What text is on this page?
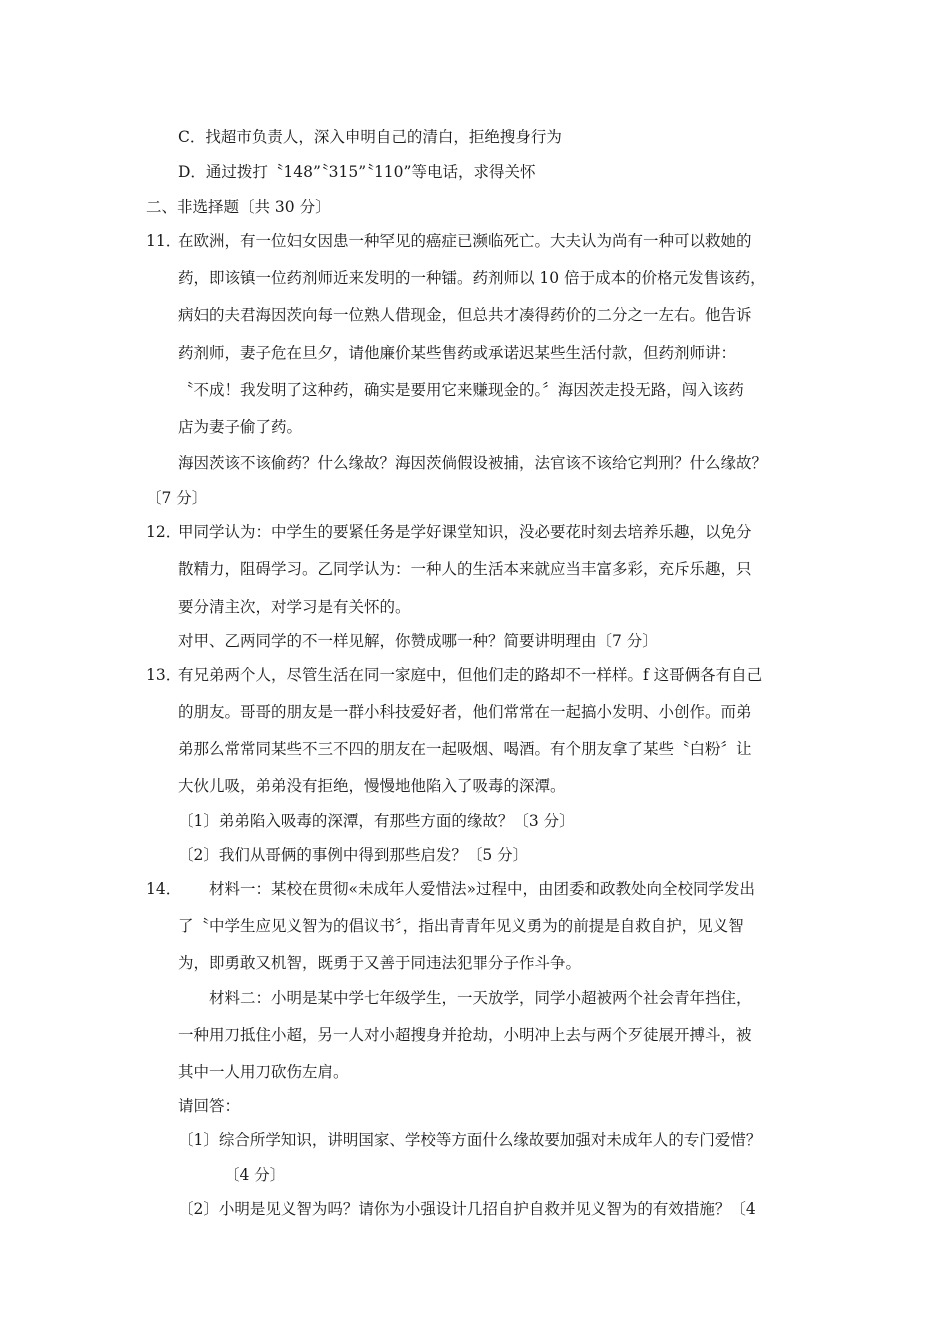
C．找超市负责人，深入申明自己的清白，拒绝搜身行为
D．通过拨打〝148”〝315”〝110”等电话，求得关怀
二、非选择题〔共 30 分〕
11．
在欧洲，有一位妇女因患一种罕见的癌症已濒临死亡。大夫认为尚有一种可以救她的
药，即该镇一位药剂师近来发明的一种镭。药剂师以 10 倍于成本的价格元发售该药，
病妇的夫君海因茨向每一位熟人借现金，但总共才凑得药价的二分之一左右。他告诉
药剂师，妻子危在旦夕，请他廉价某些售药或承诺迟某些生活付款，但药剂师讲：
〝不成！我发明了这种药，确实是要用它来赚现金的。〞海因茨走投无路，闯入该药
店为妻子偷了药。
海因茨该不该偷药？什么缘故？海因茨倘假设被捕，法官该不该给它判刑？什么缘故？
〔7 分〕
12．
甲同学认为：中学生的要紧任务是学好课堂知识，没必要花时刻去培养乐趣，以免分
散精力，阻碍学习。乙同学认为：一种人的生活本来就应当丰富多彩，充斥乐趣，只
要分清主次，对学习是有关怀的。
对甲、乙两同学的不一样见解，你赞成哪一种？简要讲明理由〔7 分〕
13．
有兄弟两个人，尽管生活在同一家庭中，但他们走的路却不一样样。f 这哥俩各有自己
的朋友。哥哥的朋友是一群小科技爱好者，他们常常在一起搞小发明、小创作。而弟
弟那么常常同某些不三不四的朋友在一起吸烟、喝酒。有个朋友拿了某些〝白粉〞让
大伙儿吸，弟弟没有拒绝，慢慢地他陷入了吸毒的深潭。
〔1〕弟弟陷入吸毒的深潭，有那些方面的缘故？〔3 分〕
〔2〕我们从哥俩的事例中得到那些启发？〔5 分〕
14． 材料一：某校在贯彻«未成年人爱惜法»过程中，由团委和政教处向全校同学发出
了〝中学生应见义智为的倡议书〞，指出青青年见义勇为的前提是自救自护，见义智
为，即勇敢又机智，既勇于又善于同违法犯罪分子作斗争。
材料二：小明是某中学七年级学生，一天放学，同学小超被两个社会青年挡住，
一种用刀抵住小超，另一人对小超搜身并抢劫，小明冲上去与两个歹徒展开搏斗，被
其中一人用刀砍伤左肩。
请回答：
〔1〕综合所学知识，讲明国家、学校等方面什么缘故要加强对未成年人的专门爱惜？
〔4 分〕
〔2〕小明是见义智为吗？请你为小强设计几招自护自救并见义智为的有效措施？〔4
